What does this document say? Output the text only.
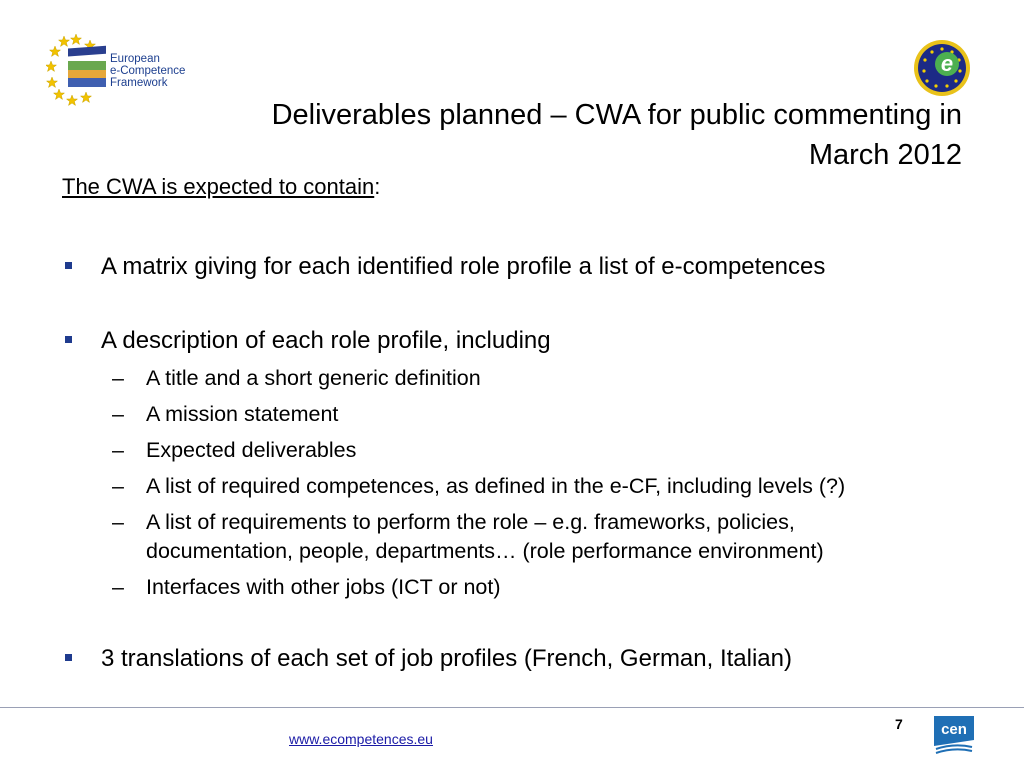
European
e-Competence
Framework
e
Deliverables planned – CWA for public commenting in
March 2012
The CWA is expected to contain:
A matrix giving for each identified role profile a list of e-competences
A description of each role profile, including
– A title and a short generic definition
– A mission statement
– Expected deliverables
– A list of required competences, as defined in the e-CF, including levels (?)
– A list of requirements to perform the role – e.g. frameworks, policies,
documentation, people, departments… (role performance environment)
– Interfaces with other jobs (ICT or not)
3 translations of each set of job profiles (French, German, Italian)
www.ecompetences.eu
7	cen
